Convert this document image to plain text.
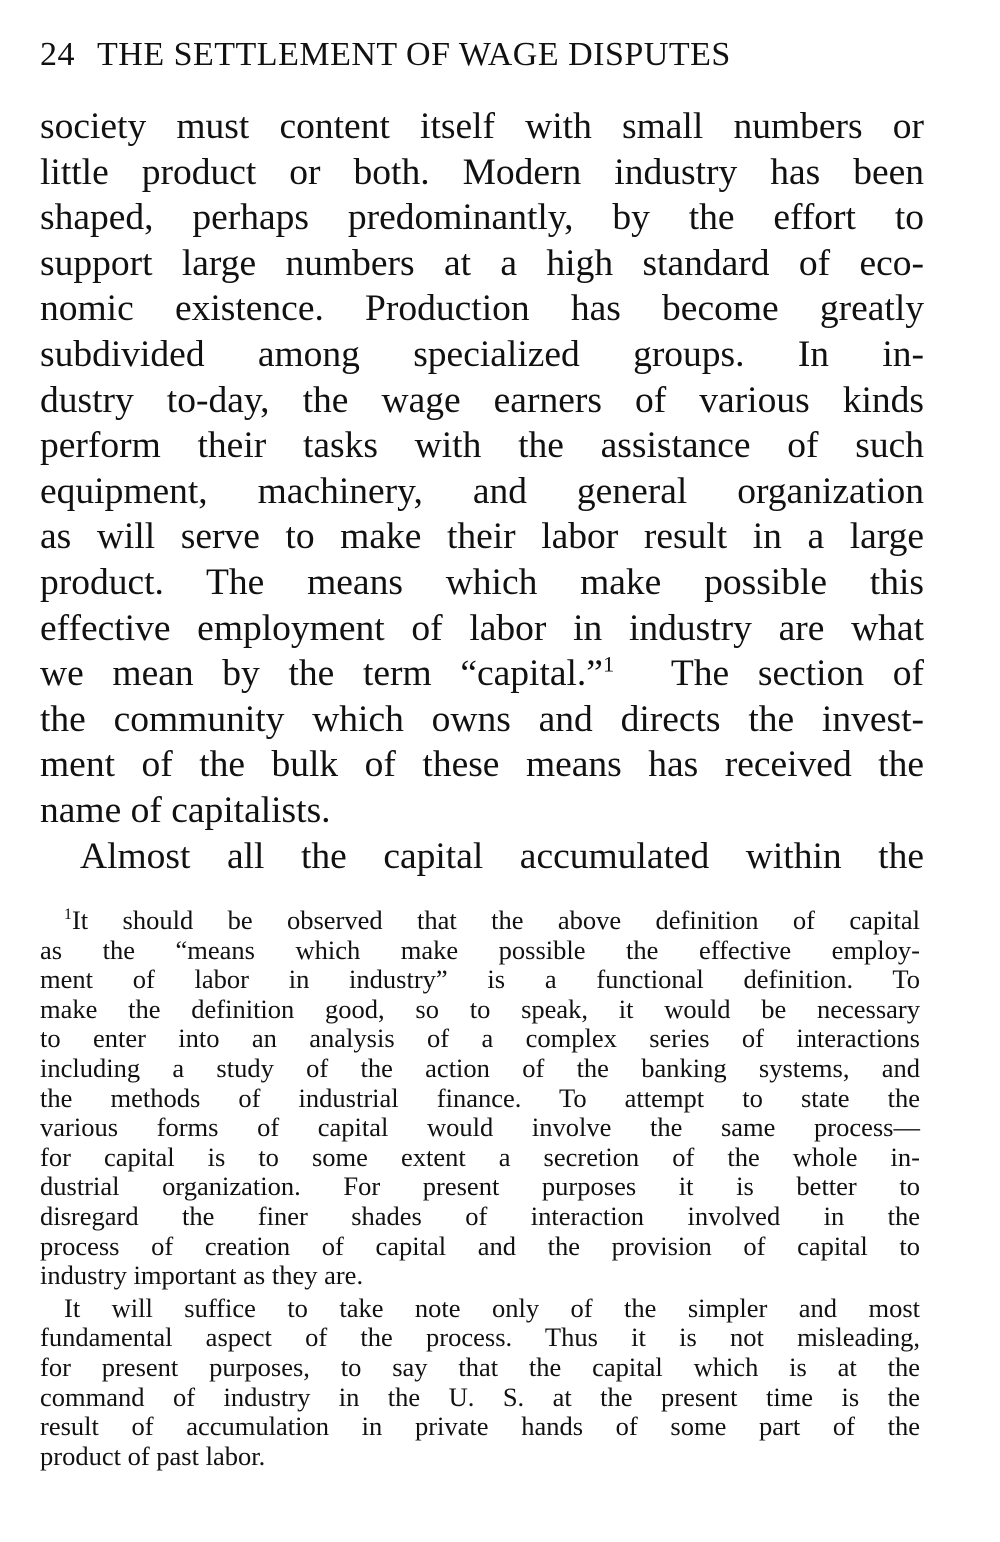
24 THE SETTLEMENT OF WAGE DISPUTES
society must content itself with small numbers or
little product or both. Modern industry has been
shaped, perhaps predominantly, by the effort to
support large numbers at a high standard of eco-
nomic existence. Production has become greatly
subdivided among specialized groups. In in-
dustry to-day, the wage earners of various kinds
perform their tasks with the assistance of such
equipment, machinery, and general organization
as will serve to make their labor result in a large
product. The means which make possible this
effective employment of labor in industry are what
we mean by the term “capital.”$^1$ The section of
the community which owns and directs the invest-
ment of the bulk of these means has received the
name of capitalists.
Almost all the capital accumulated within the
$^1$It should be observed that the above definition of capital
as the “means which make possible the effective employ-
ment of labor in industry” is a functional definition. To
make the definition good, so to speak, it would be necessary
to enter into an analysis of a complex series of interactions
including a study of the action of the banking systems, and
the methods of industrial finance. To attempt to state the
various forms of capital would involve the same process—
for capital is to some extent a secretion of the whole in-
dustrial organization. For present purposes it is better to
disregard the finer shades of interaction involved in the
process of creation of capital and the provision of capital to
industry important as they are.
It will suffice to take note only of the simpler and most
fundamental aspect of the process. Thus it is not misleading,
for present purposes, to say that the capital which is at the
command of industry in the U. S. at the present time is the
result of accumulation in private hands of some part of the
product of past labor.
